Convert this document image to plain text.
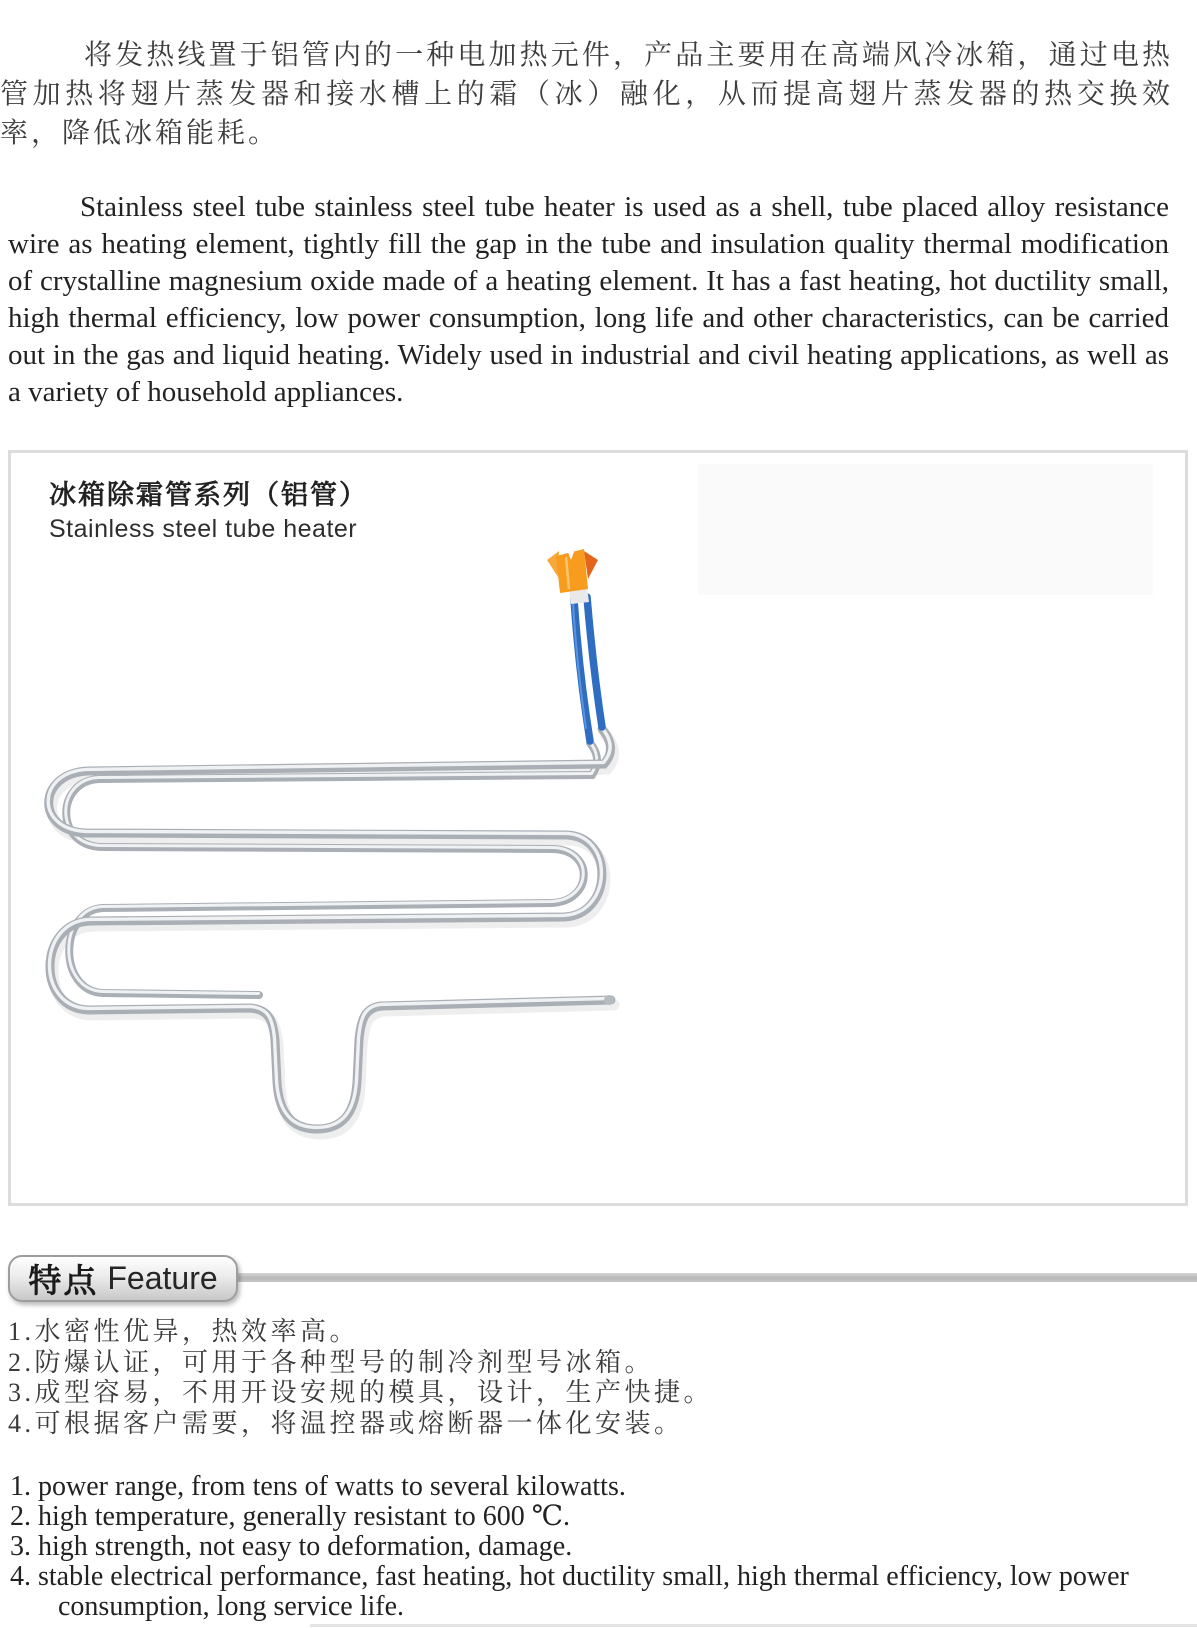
将发热线置于铝管内的一种电加热元件，产品主要用在高端风冷冰箱，通过电热管加热将翅片蒸发器和接水槽上的霜（冰）融化，从而提高翅片蒸发器的热交换效率，降低冰箱能耗。

Stainless steel tube stainless steel tube heater is used as a shell, tube placed alloy resistance wire as heating element, tightly fill the gap in the tube and insulation quality thermal modification of crystalline magnesium oxide made of a heating element. It has a fast heating, hot ductility small, high thermal efficiency, low power consumption, long life and other characteristics, can be carried out in the gas and liquid heating. Widely used in industrial and civil heating applications, as well as a variety of household appliances.

冰箱除霜管系列（铝管）
Stainless steel tube heater
特点 Feature
1.水密性优异，热效率高。
2.防爆认证，可用于各种型号的制冷剂型号冰箱。
3.成型容易，不用开设安规的模具，设计，生产快捷。
4.可根据客户需要，将温控器或熔断器一体化安装。
1. power range, from tens of watts to several kilowatts.
2. high temperature, generally resistant to 600 ℃.
3. high strength, not easy to deformation, damage.
4. stable electrical performance, fast heating, hot ductility small, high thermal efficiency, low power consumption, long service life.
